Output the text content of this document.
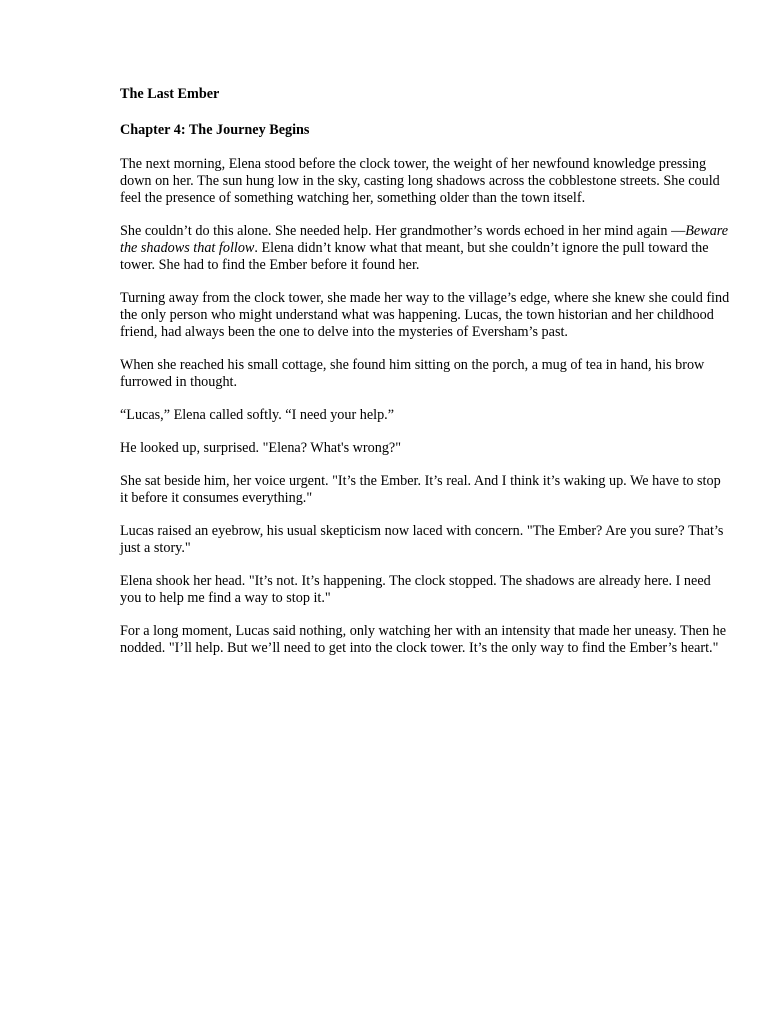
The Last Ember
Chapter 4: The Journey Begins

The next morning, Elena stood before the clock tower, the weight of her newfound knowledge pressing down on her. The sun hung low in the sky, casting long shadows across the cobblestone streets. She could feel the presence of something watching her, something older than the town itself.

She couldn’t do this alone. She needed help. Her grandmother’s words echoed in her mind again —Beware the shadows that follow. Elena didn’t know what that meant, but she couldn’t ignore the pull toward the tower. She had to find the Ember before it found her.

Turning away from the clock tower, she made her way to the village’s edge, where she knew she could find the only person who might understand what was happening. Lucas, the town historian and her childhood friend, had always been the one to delve into the mysteries of Eversham’s past.

When she reached his small cottage, she found him sitting on the porch, a mug of tea in hand, his brow furrowed in thought.

“Lucas,” Elena called softly. “I need your help.”

He looked up, surprised. "Elena? What's wrong?"

She sat beside him, her voice urgent. "It’s the Ember. It’s real. And I think it’s waking up. We have to stop it before it consumes everything."

Lucas raised an eyebrow, his usual skepticism now laced with concern. "The Ember? Are you sure? That’s just a story."

Elena shook her head. "It’s not. It’s happening. The clock stopped. The shadows are already here. I need you to help me find a way to stop it."

For a long moment, Lucas said nothing, only watching her with an intensity that made her uneasy. Then he nodded. "I’ll help. But we’ll need to get into the clock tower. It’s the only way to find the Ember’s heart."
